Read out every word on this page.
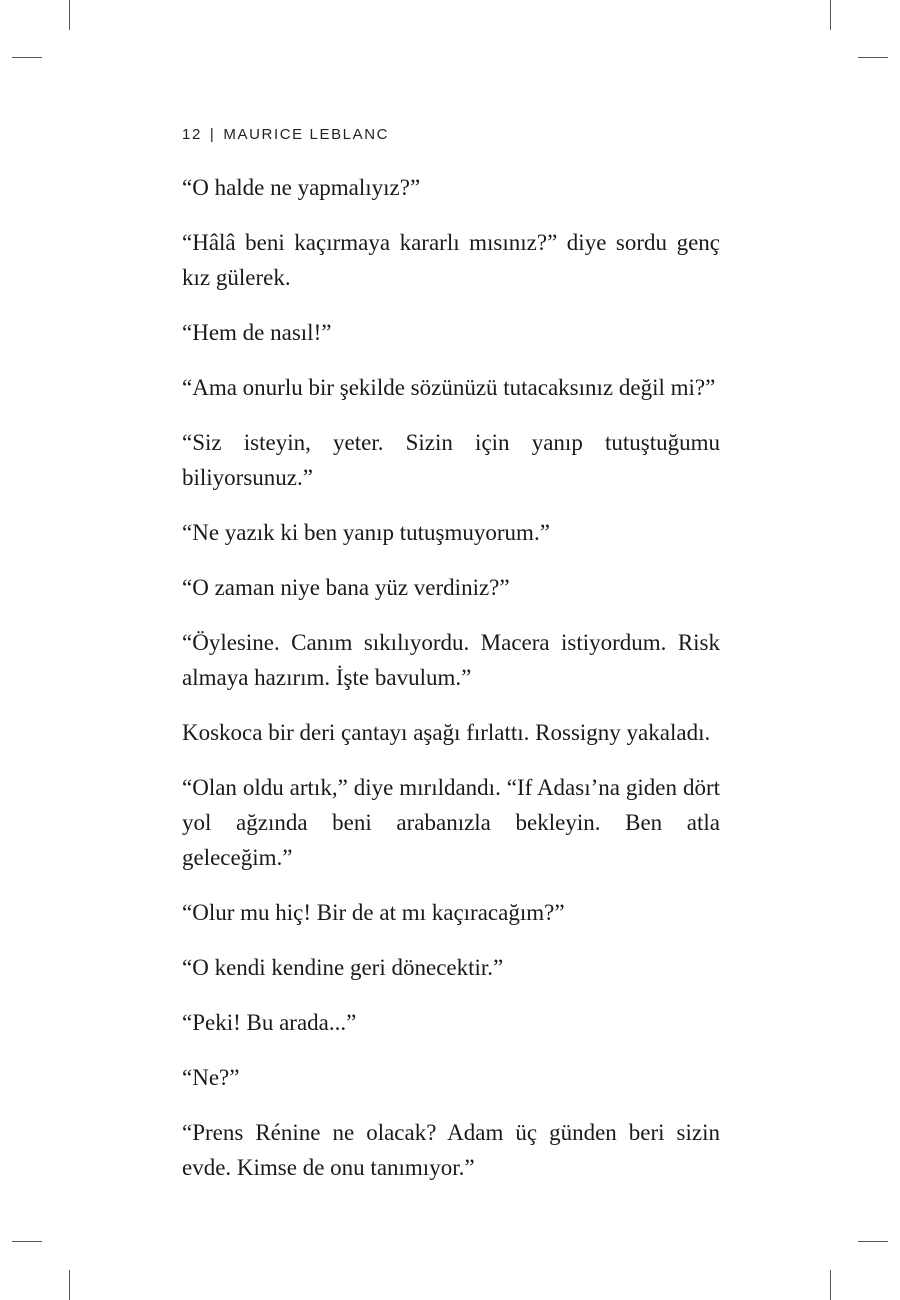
12 | MAURICE LEBLANC

“O halde ne yapmalıyız?”

“Hâlâ beni kaçırmaya kararlı mısınız?” diye sordu genç kız gülerek.

“Hem de nasıl!”

“Ama onurlu bir şekilde sözünüzü tutacaksınız değil mi?”

“Siz isteyin, yeter. Sizin için yanıp tutuştuğumu biliyorsunuz.”

“Ne yazık ki ben yanıp tutuşmuyorum.”

“O zaman niye bana yüz verdiniz?”

“Öylesine. Canım sıkılıyordu. Macera istiyordum. Risk almaya hazırım. İşte bavulum.”

Koskoca bir deri çantayı aşağı fırlattı. Rossigny yakaladı.

“Olan oldu artık,” diye mırıldandı. “If Adası’na giden dört yol ağzında beni arabanızla bekleyin. Ben atla geleceğim.”

“Olur mu hiç! Bir de at mı kaçıracağım?”

“O kendi kendine geri dönecektir.”

“Peki! Bu arada...”

“Ne?”

“Prens Rénine ne olacak? Adam üç günden beri sizin evde. Kimse de onu tanımıyor.”
